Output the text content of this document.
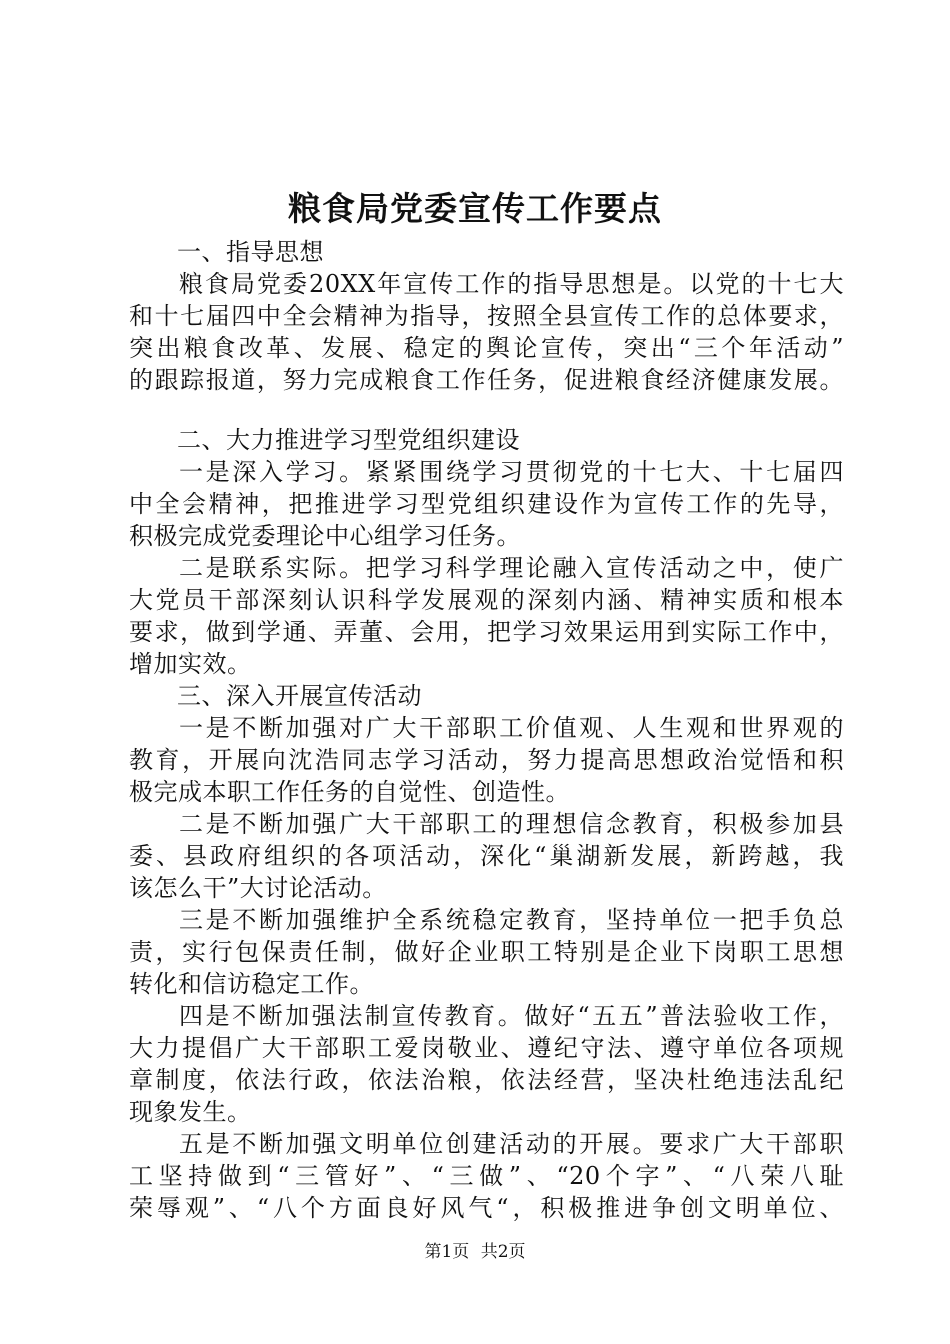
粮食局党委宣传工作要点
一、指导思想
粮食局党委20XX年宣传工作的指导思想是。以党的十七大
和十七届四中全会精神为指导，按照全县宣传工作的总体要求，
突出粮食改革、发展、稳定的舆论宣传，突出“三个年活动”
的跟踪报道，努力完成粮食工作任务，促进粮食经济健康发展。
二、大力推进学习型党组织建设
一是深入学习。紧紧围绕学习贯彻党的十七大、十七届四
中全会精神，把推进学习型党组织建设作为宣传工作的先导，
积极完成党委理论中心组学习任务。
二是联系实际。把学习科学理论融入宣传活动之中，使广
大党员干部深刻认识科学发展观的深刻内涵、精神实质和根本
要求，做到学通、弄董、会用，把学习效果运用到实际工作中，
增加实效。
三、深入开展宣传活动
一是不断加强对广大干部职工价值观、人生观和世界观的
教育，开展向沈浩同志学习活动，努力提高思想政治觉悟和积
极完成本职工作任务的自觉性、创造性。
二是不断加强广大干部职工的理想信念教育，积极参加县
委、县政府组织的各项活动，深化“巢湖新发展，新跨越，我
该怎么干”大讨论活动。
三是不断加强维护全系统稳定教育，坚持单位一把手负总
责，实行包保责任制，做好企业职工特别是企业下岗职工思想
转化和信访稳定工作。
四是不断加强法制宣传教育。做好“五五”普法验收工作，
大力提倡广大干部职工爱岗敬业、遵纪守法、遵守单位各项规
章制度，依法行政，依法治粮，依法经营，坚决杜绝违法乱纪
现象发生。
五是不断加强文明单位创建活动的开展。要求广大干部职
工坚持做到“三管好”、“三做”、“20个字”、“八荣八耻
荣辱观”、“八个方面良好风气“，积极推进争创文明单位、
第1页 共2页
